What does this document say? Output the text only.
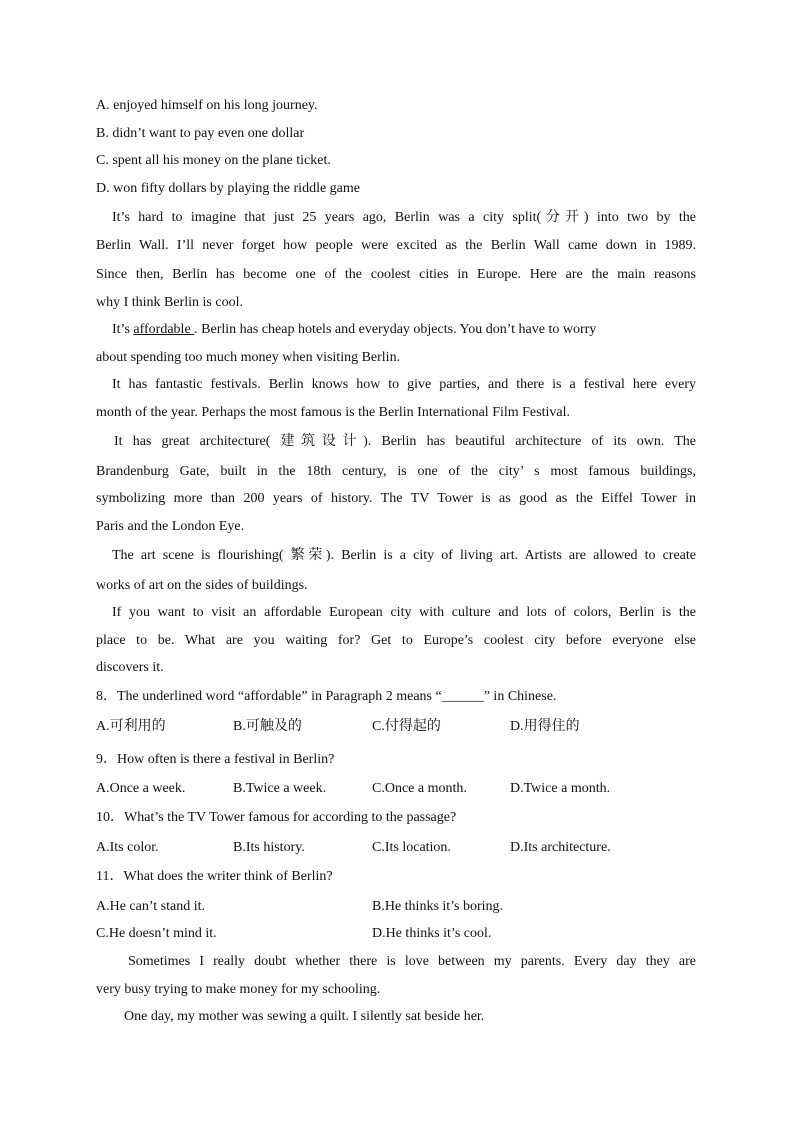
A. enjoyed himself on his long journey.
B. didn’t want to pay even one dollar
C. spent all his money on the plane ticket.
D. won fifty dollars by playing the riddle game
It’s hard to imagine that just 25 years ago, Berlin was a city split(分开) into two by the
Berlin Wall. I’ll never forget how people were excited as the Berlin Wall came down in 1989.
Since then, Berlin has become one of the coolest cities in Europe. Here are the main reasons
why I think Berlin is cool.
It’s affordable . Berlin has cheap hotels and everyday objects. You don’t have to worry
about spending too much money when visiting Berlin.
It has fantastic festivals. Berlin knows how to give parties, and there is a festival here every
month of the year. Perhaps the most famous is the Berlin International Film Festival.
It has great architecture( 建筑设计). Berlin has beautiful architecture of its own. The
Brandenburg Gate, built in the 18th century, is one of the city’ s most famous buildings,
symbolizing more than 200 years of history. The TV Tower is as good as the Eiffel Tower in
Paris and the London Eye.
The art scene is flourishing( 繁荣). Berlin is a city of living art. Artists are allowed to create
works of art on the sides of buildings.
If you want to visit an affordable European city with culture and lots of colors, Berlin is the
place to be. What are you waiting for? Get to Europe’s coolest city before everyone else
discovers it.
8．The underlined word “affordable” in Paragraph 2 means “______” in Chinese.
A.可利用的	B.可触及的	C.付得起的	D.用得住的
9．How often is there a festival in Berlin?
A.Once a week.	B.Twice a week.	C.Once a month.	D.Twice a month.
10．What’s the TV Tower famous for according to the passage?
A.Its color.	B.Its history.	C.Its location.	D.Its architecture.
11．What does the writer think of Berlin?
A.He can’t stand it.	B.He thinks it’s boring.
C.He doesn’t mind it.	D.He thinks it’s cool.
Sometimes I really doubt whether there is love between my parents. Every day they are
very busy trying to make money for my schooling.
One day, my mother was sewing a quilt. I silently sat beside her.
